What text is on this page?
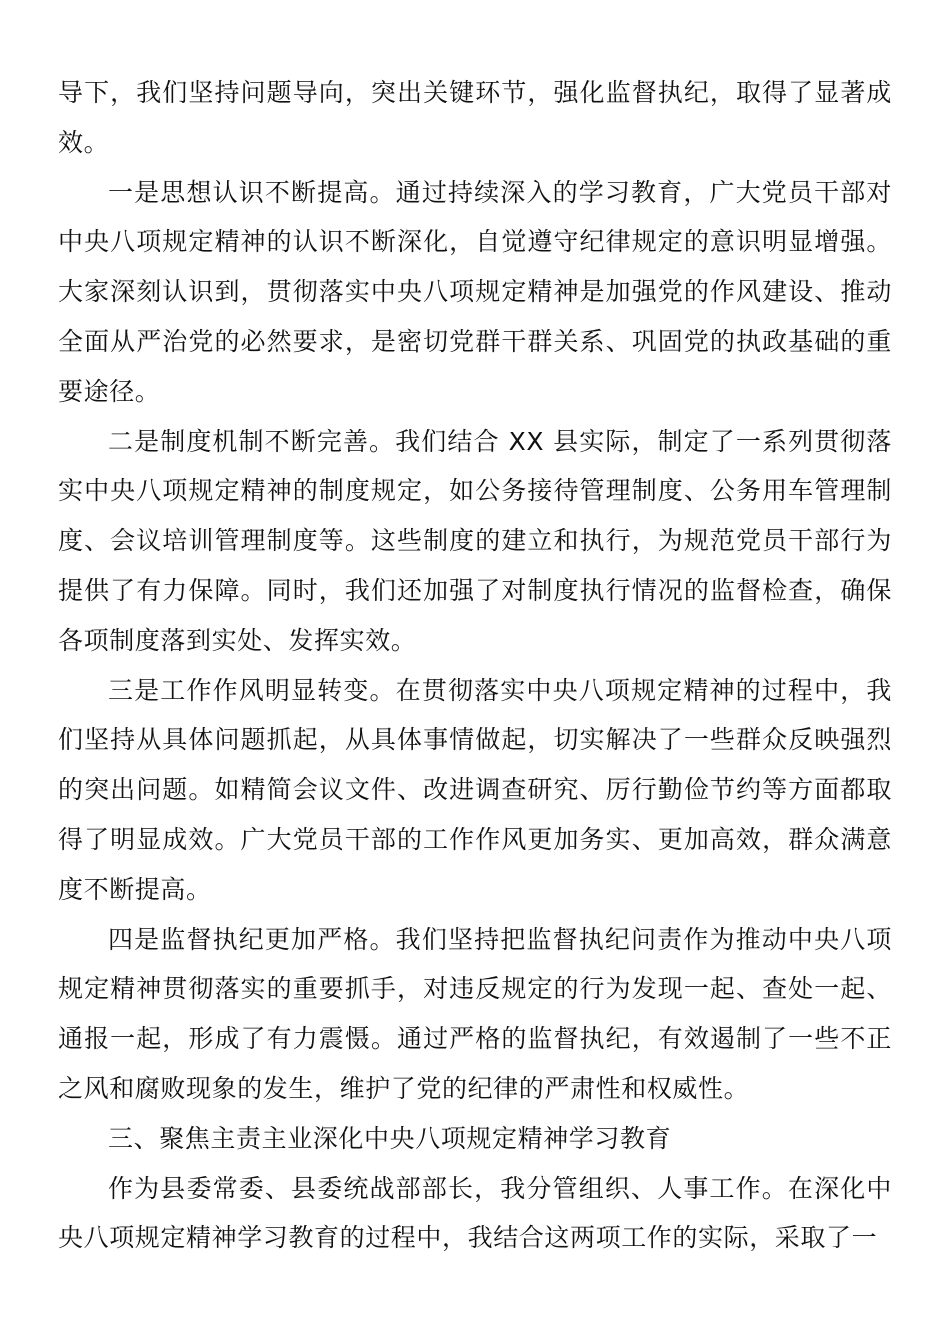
导下，我们坚持问题导向，突出关键环节，强化监督执纪，取得了显著成效。

一是思想认识不断提高。通过持续深入的学习教育，广大党员干部对中央八项规定精神的认识不断深化，自觉遵守纪律规定的意识明显增强。大家深刻认识到，贯彻落实中央八项规定精神是加强党的作风建设、推动全面从严治党的必然要求，是密切党群干群关系、巩固党的执政基础的重要途径。

二是制度机制不断完善。我们结合 XX 县实际，制定了一系列贯彻落实中央八项规定精神的制度规定，如公务接待管理制度、公务用车管理制度、会议培训管理制度等。这些制度的建立和执行，为规范党员干部行为提供了有力保障。同时，我们还加强了对制度执行情况的监督检查，确保各项制度落到实处、发挥实效。

三是工作作风明显转变。在贯彻落实中央八项规定精神的过程中，我们坚持从具体问题抓起，从具体事情做起，切实解决了一些群众反映强烈的突出问题。如精简会议文件、改进调查研究、厉行勤俭节约等方面都取得了明显成效。广大党员干部的工作作风更加务实、更加高效，群众满意度不断提高。

四是监督执纪更加严格。我们坚持把监督执纪问责作为推动中央八项规定精神贯彻落实的重要抓手，对违反规定的行为发现一起、查处一起、通报一起，形成了有力震慑。通过严格的监督执纪，有效遏制了一些不正之风和腐败现象的发生，维护了党的纪律的严肃性和权威性。

三、聚焦主责主业深化中央八项规定精神学习教育

作为县委常委、县委统战部部长，我分管组织、人事工作。在深化中央八项规定精神学习教育的过程中，我结合这两项工作的实际，采取了一
